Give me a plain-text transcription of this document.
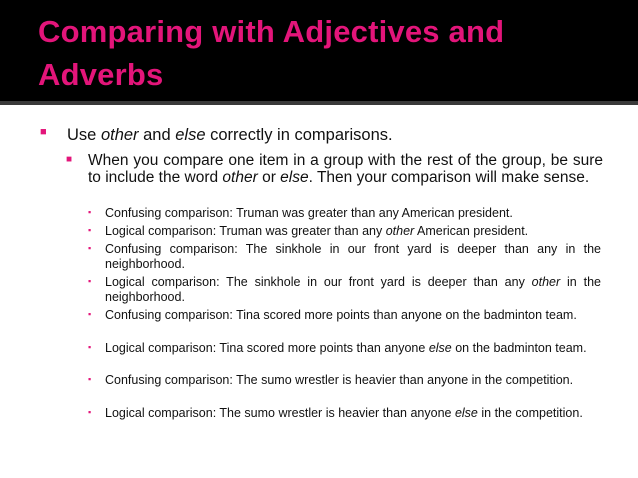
Comparing with Adjectives and Adverbs
■ Use other and else correctly in comparisons.
■ When you compare one item in a group with the rest of the group, be sure to include the word other or else. Then your comparison will make sense.
▪ Confusing comparison: Truman was greater than any American president.
▪ Logical comparison: Truman was greater than any other American president.
▪ Confusing comparison: The sinkhole in our front yard is deeper than any in the neighborhood.
▪ Logical comparison: The sinkhole in our front yard is deeper than any other in the neighborhood.
▪ Confusing comparison: Tina scored more points than anyone on the badminton team.
▪ Logical comparison: Tina scored more points than anyone else on the badminton team.
▪ Confusing comparison: The sumo wrestler is heavier than anyone in the competition.
▪ Logical comparison: The sumo wrestler is heavier than anyone else in the competition.
